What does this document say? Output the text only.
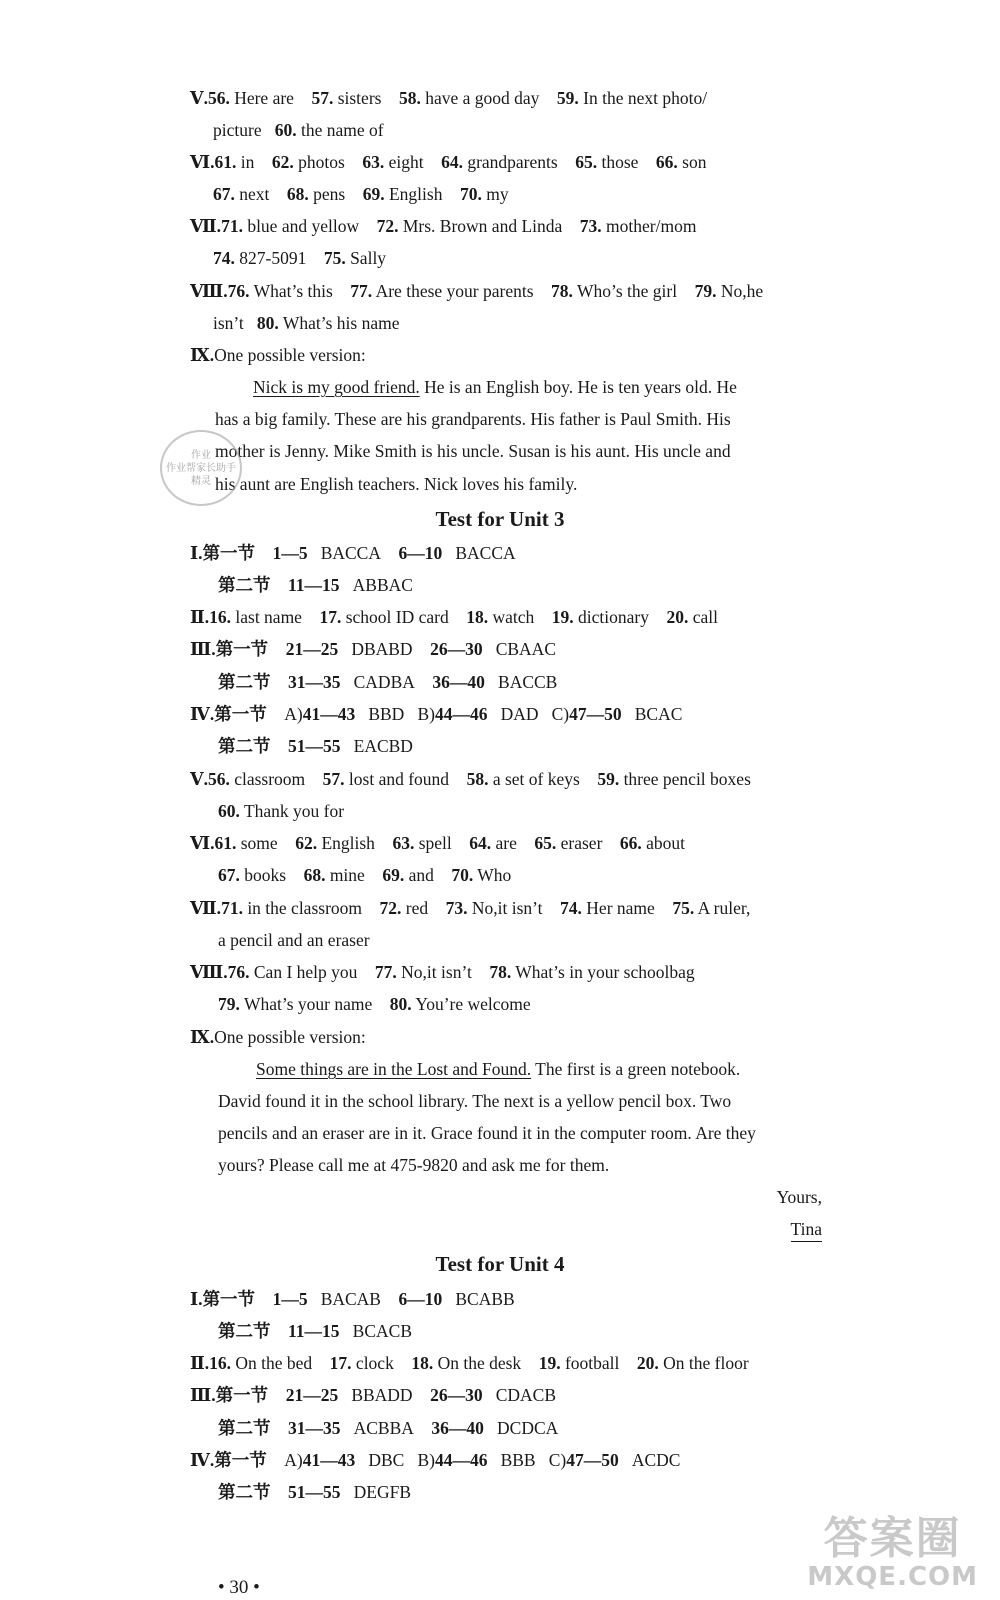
Ⅴ.56. Here are 57. sisters 58. have a good day 59. In the next photo/
picture 60. the name of
Ⅵ.61. in 62. photos 63. eight 64. grandparents 65. those 66. son
67. next 68. pens 69. English 70. my
Ⅶ.71. blue and yellow 72. Mrs. Brown and Linda 73. mother/mom
74. 827-5091 75. Sally
Ⅷ.76. What’s this 77. Are these your parents 78. Who’s the girl 79. No,he
isn’t 80. What’s his name
Ⅸ.One possible version:
Nick is my good friend. He is an English boy. He is ten years old. He
has a big family. These are his grandparents. His father is Paul Smith. His
mother is Jenny. Mike Smith is his uncle. Susan is his aunt. His uncle and
his aunt are English teachers. Nick loves his family.
作业
作业帮家长助手
精灵
Test for Unit 3
Ⅰ.第一节 1—5 BACCA 6—10 BACCA
第二节 11—15 ABBAC
Ⅱ.16. last name 17. school ID card 18. watch 19. dictionary 20. call
Ⅲ.第一节 21—25 DBABD 26—30 CBAAC
第二节 31—35 CADBA 36—40 BACCB
Ⅳ.第一节 A)41—43 BBD B)44—46 DAD C)47—50 BCAC
第二节 51—55 EACBD
Ⅴ.56. classroom 57. lost and found 58. a set of keys 59. three pencil boxes
60. Thank you for
Ⅵ.61. some 62. English 63. spell 64. are 65. eraser 66. about
67. books 68. mine 69. and 70. Who
Ⅶ.71. in the classroom 72. red 73. No,it isn’t 74. Her name 75. A ruler,
a pencil and an eraser
Ⅷ.76. Can I help you 77. No,it isn’t 78. What’s in your schoolbag
79. What’s your name 80. You’re welcome
Ⅸ.One possible version:
Some things are in the Lost and Found. The first is a green notebook.
David found it in the school library. The next is a yellow pencil box. Two
pencils and an eraser are in it. Grace found it in the computer room. Are they
yours? Please call me at 475-9820 and ask me for them.
Yours,
Tina
Test for Unit 4
Ⅰ.第一节 1—5 BACAB 6—10 BCABB
第二节 11—15 BCACB
Ⅱ.16. On the bed 17. clock 18. On the desk 19. football 20. On the floor
Ⅲ.第一节 21—25 BBADD 26—30 CDACB
第二节 31—35 ACBBA 36—40 DCDCA
Ⅳ.第一节 A)41—43 DBC B)44—46 BBB C)47—50 ACDC
第二节 51—55 DEGFB
• 30 •
答案圈
MXQE.COM
